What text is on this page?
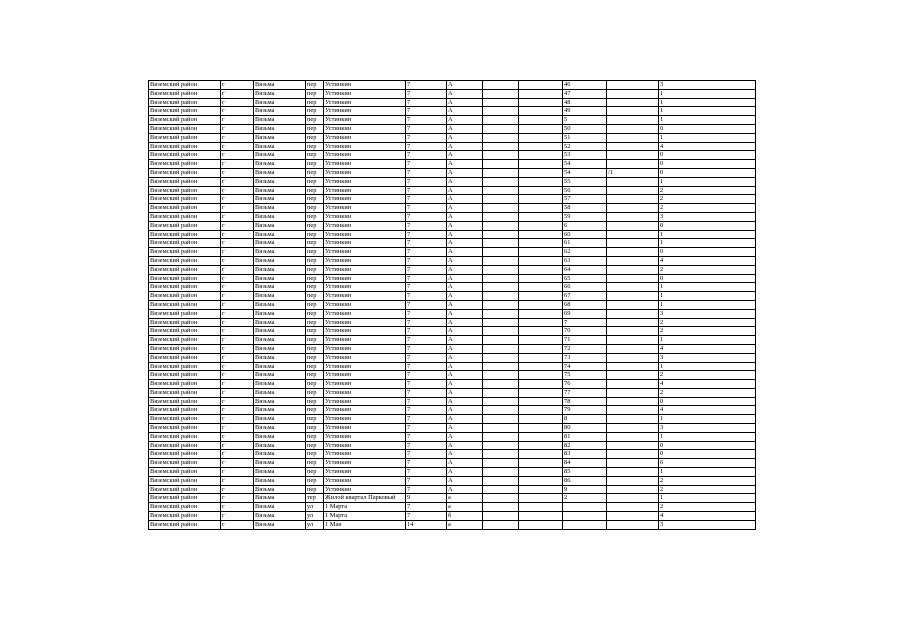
Вяземский район	г	Вязьма	пер	Устинкин	7	А			46		3
Вяземский район	г	Вязьма	пер	Устинкин	7	А			47		1
Вяземский район	г	Вязьма	пер	Устинкин	7	А			48		1
Вяземский район	г	Вязьма	пер	Устинкин	7	А			49		1
Вяземский район	г	Вязьма	пер	Устинкин	7	А			5		1
Вяземский район	г	Вязьма	пер	Устинкин	7	А			50		0
Вяземский район	г	Вязьма	пер	Устинкин	7	А			51		1
Вяземский район	г	Вязьма	пер	Устинкин	7	А			52		4
Вяземский район	г	Вязьма	пер	Устинкин	7	А			53		0
Вяземский район	г	Вязьма	пер	Устинкин	7	А			54		0
Вяземский район	г	Вязьма	пер	Устинкин	7	А			54	/1	0
Вяземский район	г	Вязьма	пер	Устинкин	7	А			55		1
Вяземский район	г	Вязьма	пер	Устинкин	7	А			56		2
Вяземский район	г	Вязьма	пер	Устинкин	7	А			57		2
Вяземский район	г	Вязьма	пер	Устинкин	7	А			58		2
Вяземский район	г	Вязьма	пер	Устинкин	7	А			59		3
Вяземский район	г	Вязьма	пер	Устинкин	7	А			6		0
Вяземский район	г	Вязьма	пер	Устинкин	7	А			60		1
Вяземский район	г	Вязьма	пер	Устинкин	7	А			61		1
Вяземский район	г	Вязьма	пер	Устинкин	7	А			62		0
Вяземский район	г	Вязьма	пер	Устинкин	7	А			63		4
Вяземский район	г	Вязьма	пер	Устинкин	7	А			64		2
Вяземский район	г	Вязьма	пер	Устинкин	7	А			65		0
Вяземский район	г	Вязьма	пер	Устинкин	7	А			66		1
Вяземский район	г	Вязьма	пер	Устинкин	7	А			67		1
Вяземский район	г	Вязьма	пер	Устинкин	7	А			68		1
Вяземский район	г	Вязьма	пер	Устинкин	7	А			69		3
Вяземский район	г	Вязьма	пер	Устинкин	7	А			7		2
Вяземский район	г	Вязьма	пер	Устинкин	7	А			70		2
Вяземский район	г	Вязьма	пер	Устинкин	7	А			71		1
Вяземский район	г	Вязьма	пер	Устинкин	7	А			72		4
Вяземский район	г	Вязьма	пер	Устинкин	7	А			73		3
Вяземский район	г	Вязьма	пер	Устинкин	7	А			74		1
Вяземский район	г	Вязьма	пер	Устинкин	7	А			75		2
Вяземский район	г	Вязьма	пер	Устинкин	7	А			76		4
Вяземский район	г	Вязьма	пер	Устинкин	7	А			77		2
Вяземский район	г	Вязьма	пер	Устинкин	7	А			78		0
Вяземский район	г	Вязьма	пер	Устинкин	7	А			79		4
Вяземский район	г	Вязьма	пер	Устинкин	7	А			8		1
Вяземский район	г	Вязьма	пер	Устинкин	7	А			80		3
Вяземский район	г	Вязьма	пер	Устинкин	7	А			81		1
Вяземский район	г	Вязьма	пер	Устинкин	7	А			82		0
Вяземский район	г	Вязьма	пер	Устинкин	7	А			83		0
Вяземский район	г	Вязьма	пер	Устинкин	7	А			84		6
Вяземский район	г	Вязьма	пер	Устинкин	7	А			85		1
Вяземский район	г	Вязьма	пер	Устинкин	7	А			86		2
Вяземский район	г	Вязьма	пер	Устинкин	7	А			9		2
Вяземский район	г	Вязьма	тер	Жилой квартал Парковый	9	а			2		1
Вяземский район	г	Вязьма	ул	1 Марта	7	а					2
Вяземский район	г	Вязьма	ул	1 Марта	7	б					4
Вяземский район	г	Вязьма	ул	1 Мая	14	а					3
